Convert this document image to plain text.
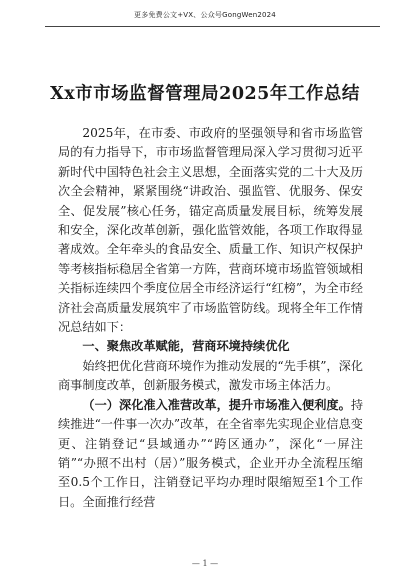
更多免费公文+VX、公众号GongWen2024
Xx市市场监督管理局2025年工作总结

2025年，在市委、市政府的坚强领导和省市场监管局的有力指导下，市市场监督管理局深入学习贯彻习近平新时代中国特色社会主义思想，全面落实党的二十大及历次全会精神，紧紧围绕“讲政治、强监管、优服务、保安全、促发展”核心任务，锚定高质量发展目标，统筹发展和安全，深化改革创新，强化监管效能，各项工作取得显著成效。全年牵头的食品安全、质量工作、知识产权保护等考核指标稳居全省第一方阵，营商环境市场监管领域相关指标连续四个季度位居全市经济运行“红榜”，为全市经济社会高质量发展筑牢了市场监管防线。现将全年工作情况总结如下：

一、聚焦改革赋能，营商环境持续优化

始终把优化营商环境作为推动发展的“先手棋”，深化商事制度改革，创新服务模式，激发市场主体活力。

（一）深化准入准营改革，提升市场准入便利度。持续推进“一件事一次办”改革，在全省率先实现企业信息变更、注销登记“县域通办”“跨区通办”，深化“一屏注销”“办照不出村（居）”服务模式，企业开办全流程压缩至0.5个工作日，注销登记平均办理时限缩短至1个工作日。全面推行经营

— 1 —
